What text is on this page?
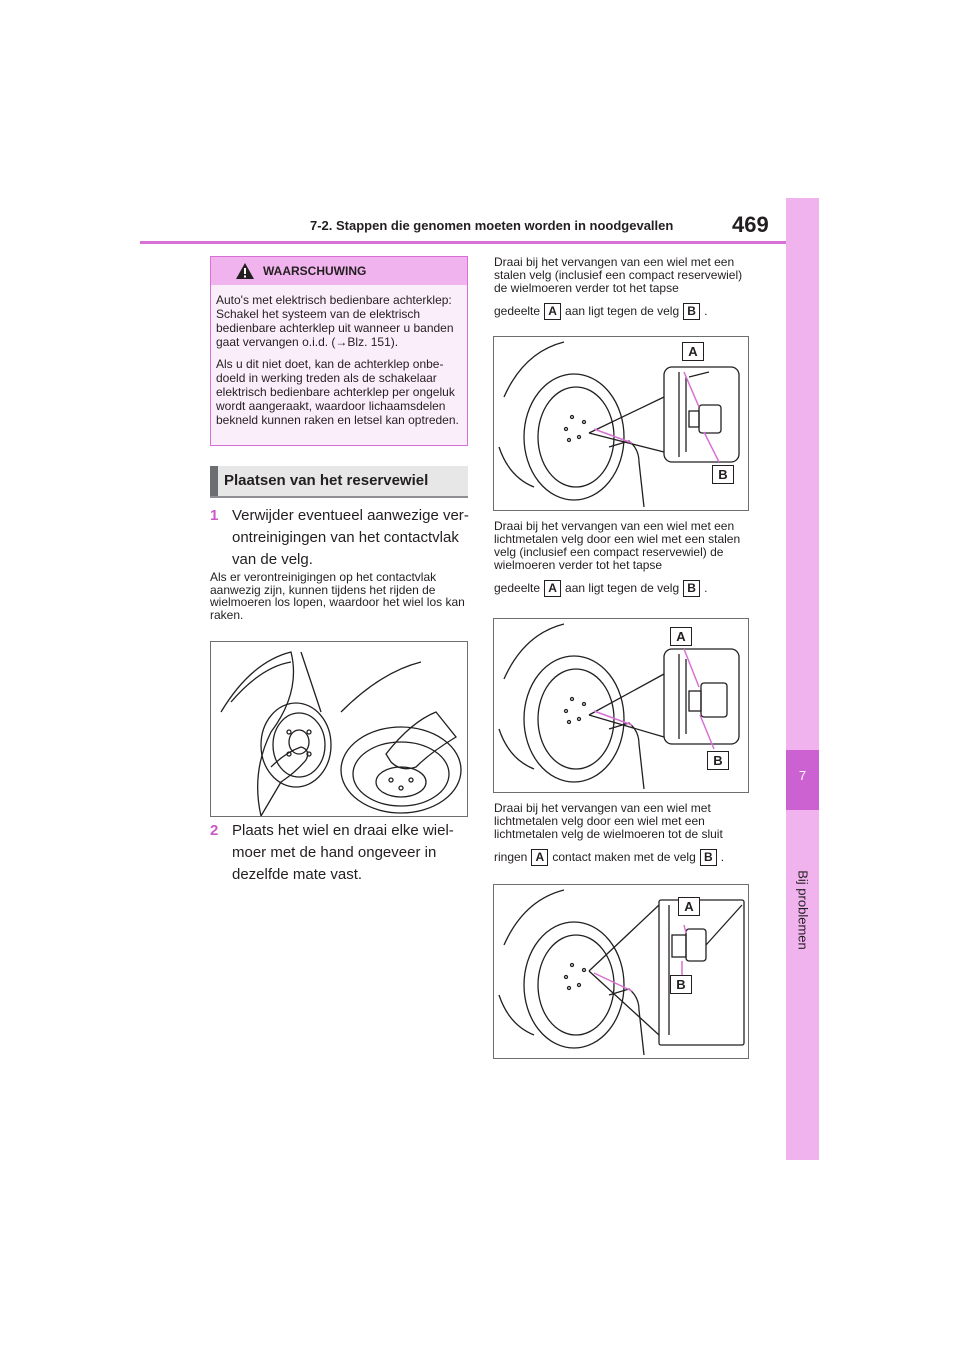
7-2. Stappen die genomen moeten worden in noodgevallen	469
7
Bij problemen
WAARSCHUWING

Auto's met elektrisch bedienbare achterklep: Schakel het systeem van de elektrisch bedienbare achterklep uit wanneer u banden gaat vervangen o.i.d. (→Blz. 151).

Als u dit niet doet, kan de achterklep onbedoeld in werking treden als de schakelaar elektrisch bedienbare achterklep per ongeluk wordt aangeraakt, waardoor lichaamsdelen bekneld kunnen raken en letsel kan optreden.

Plaatsen van het reservewiel
1 Verwijder eventueel aanwezige verontreinigingen van het contactvlak van de velg.
Als er verontreinigingen op het contactvlak aanwezig zijn, kunnen tijdens het rijden de wielmoeren los lopen, waardoor het wiel los kan raken.
2 Plaats het wiel en draai elke wielmoer met de hand ongeveer in dezelfde mate vast.
Draai bij het vervangen van een wiel met een stalen velg (inclusief een compact reservewiel) de wielmoeren verder tot het tapse
gedeelte A aan ligt tegen de velg B .
A
B
Draai bij het vervangen van een wiel met een lichtmetalen velg door een wiel met een stalen velg (inclusief een compact reservewiel) de wielmoeren verder tot het tapse
gedeelte A aan ligt tegen de velg B .
A
B
Draai bij het vervangen van een wiel met lichtmetalen velg door een wiel met een lichtmetalen velg de wielmoeren tot de sluit
ringen A contact maken met de velg B .
A
B
